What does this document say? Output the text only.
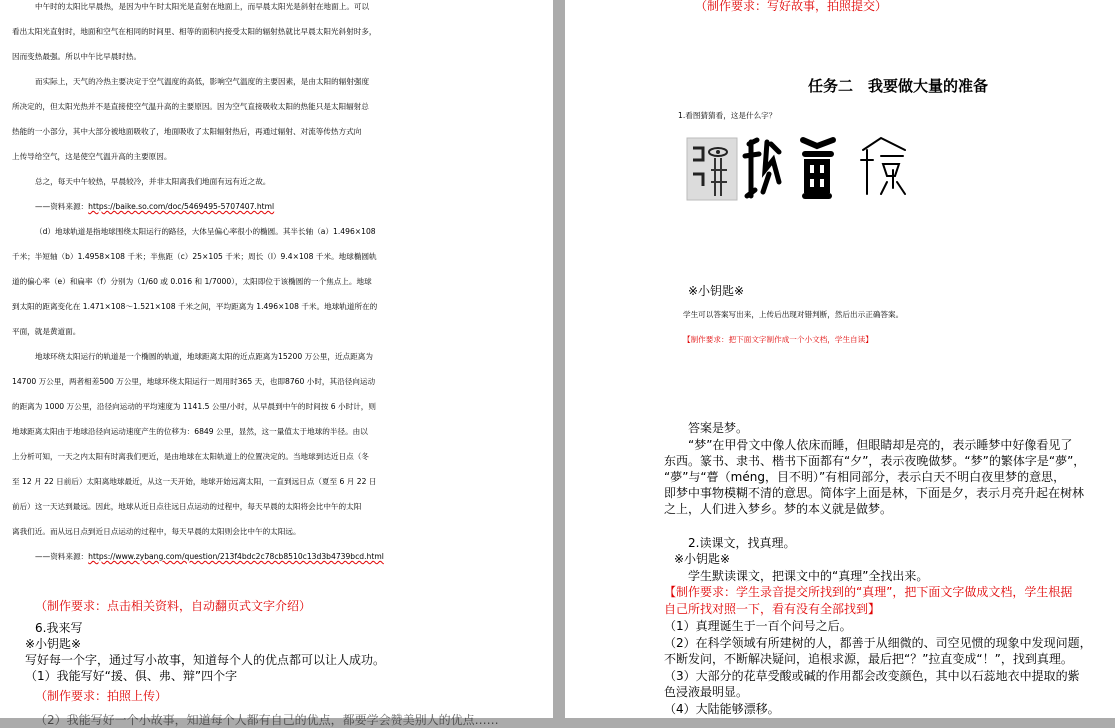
中午时的太阳比早晨热，是因为中午时太阳光是直射在地面上，而早晨太阳光是斜射在地面上。可以
看出太阳光直射时，地面和空气在相同的时间里、相等的面积内接受太阳的辐射热就比早晨太阳光斜射时多，
因而变热最强。所以中午比早晨时热。
而实际上，天气的冷热主要决定于空气温度的高低，影响空气温度的主要因素，是由太阳的辐射强度
所决定的，但太阳光热并不是直接使空气温升高的主要原因。因为空气直接吸收太阳的热能只是太阳辐射总
热能的一小部分，其中大部分被地面吸收了，地面吸收了太阳辐射热后，再通过辐射、对流等传热方式向
上传导给空气，这是使空气温升高的主要原因。
总之，每天中午较热，早晨较冷，并非太阳离我们地面有远有近之故。
——资料来源：https://baike.so.com/doc/5469495-5707407.html
（d）地球轨道是指地球围绕太阳运行的路径，大体呈偏心率很小的椭圆。其半长轴（a）1.496×108
千米；半短轴（b）1.4958×108 千米；半焦距（c）25×105 千米；周长（l）9.4×108 千米。地球椭圆轨
道的偏心率（e）和扁率（f）分别为（1/60 或 0.016 和 1/7000），太阳即位于该椭圆的一个焦点上。地球
到太阳的距离变化在 1.471×108～1.521×108 千米之间，平均距离为 1.496×108 千米。地球轨道所在的
平面，就是黄道面。
地球环绕太阳运行的轨道是一个椭圆的轨道，地球距离太阳的近点距离为15200 万公里，近点距离为
14700 万公里，两者相差500 万公里，地球环绕太阳运行一周用时365 天，也即8760 小时，其沿径向运动
的距离为 1000 万公里，沿径向运动的平均速度为 1141.5 公里/小时，从早晨到中午的时间按 6 小时计，则
地球距离太阳由于地球沿径向运动速度产生的位移为：6849 公里，显然，这一量值太于地球的半径。由以
上分析可知，一天之内太阳有时离我们更近，是由地球在太阳轨道上的位置决定的。当地球到达近日点（冬
至 12 月 22 日前后）太阳离地球最近，从这一天开始，地球开始远离太阳，一直到远日点（夏至 6 月 22 日
前后）这一天达到最远。因此，地球从近日点往远日点运动的过程中，每天早晨的太阳将会比中午的太阳
离我们近。而从远日点到近日点运动的过程中，每天早晨的太阳则会比中午的太阳远。
——资料来源：https://www.zybang.com/question/213f4bdc2c78cb8510c13d3b4739bcd.html
（制作要求：点击相关资料，自动翻页式文字介绍）
6.我来写
※小钥匙※
写好每一个字，通过写小故事，知道每个人的优点都可以让人成功。
（1）我能写好“援、俱、弗、辩”四个字
（制作要求：拍照上传）
（2）我能写好一个小故事，知道每个人都有自己的优点，都要学会赞美别人的优点……
（制作要求：写好故事，拍照提交）
任务二　我要做大量的准备
1.看图猜猜看，这是什么字？
※小钥匙※
学生可以答案写出来，上传后出现对错判断，然后出示正确答案。
【制作要求：把下面文字制作成一个小文档，学生自读】
答案是梦。
“梦”在甲骨文中像人依床而睡，但眼睛却是亮的，表示睡梦中好像看见了
东西。篆书、隶书、楷书下面都有“夕”，表示夜晚做梦。“梦”的繁体字是“夢”，
“夢”与“瞢（méng，目不明）”有相同部分，表示白天不明白夜里梦的意思，
即梦中事物模糊不清的意思。简体字上面是林，下面是夕，表示月亮升起在树林
之上，人们进入梦乡。梦的本义就是做梦。
2.读课文，找真理。
※小钥匙※
学生默读课文，把课文中的“真理”全找出来。
【制作要求：学生录音提交所找到的“真理”，把下面文字做成文档，学生根据
自己所找对照一下，看有没有全部找到】
（1）真理诞生于一百个问号之后。
（2）在科学领域有所建树的人，都善于从细微的、司空见惯的现象中发现问题，
不断发问，不断解决疑问，追根求源，最后把“？”拉直变成“！”，找到真理。
（3）大部分的花草受酸或碱的作用都会改变颜色，其中以石蕊地衣中提取的紫
色浸液最明显。
（4）大陆能够漂移。
